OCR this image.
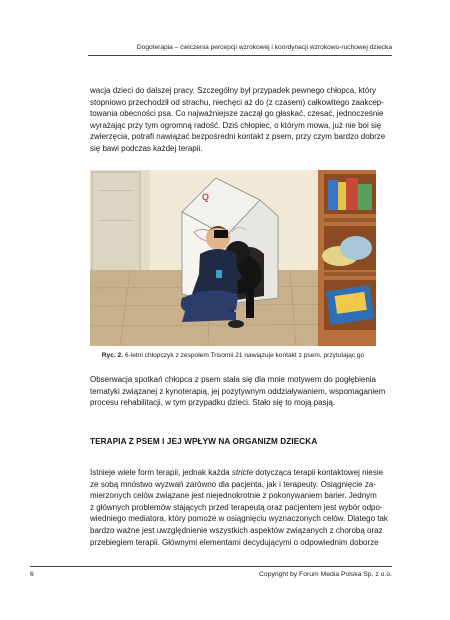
Dogoterapia – ćwiczenia percepcji wzrokowej i koordynacji wzrokowo-ruchowej dziecka

wacja dzieci do dalszej pracy. Szczególny był przypadek pewnego chłopca, który
stopniowo przechodził od strachu, niechęci aż do (z czasem) całkowitego zaakcep-
towania obecności psa. Co najważniejsze zaczął go głaskać, czesać, jednocześnie
wyrażając przy tym ogromną radość. Dziś chłopiec, o którym mowa, już nie boi się
zwierzęcia, potrafi nawiązać bezpośredni kontakt z psem, przy czym bardzo dobrze
się bawi podczas każdej terapii.

Q
Ryc. 2. 6-letni chłopczyk z zespołem Trisomii 21 nawiązuje kontakt z psem, przytulając go

Obserwacja spotkań chłopca z psem stała się dla mnie motywem do pogłębienia
tematyki związanej z kynoterapią, jej pozytywnym oddziaływaniem, wspomaganiem
procesu rehabilitacji, w tym przypadku dzieci. Stało się to moją pasją.

TERAPIA Z PSEM I JEJ WPŁYW NA ORGANIZM DZIECKA

Istnieje wiele form terapii, jednak każda stricte dotycząca terapii kontaktowej niesie
ze sobą mnóstwo wyzwań zarówno dla pacjenta, jak i terapeuty. Osiągnięcie za-
mierzonych celów związane jest niejednokrotnie z pokonywaniem barier. Jednym
z głównych problemów stających przed terapeutą oraz pacjentem jest wybór odpo-
wiedniego mediatora, który pomoże w osiągnięciu wyznaczonych celów. Dlatego tak
bardzo ważne jest uwzględnienie wszystkich aspektów związanych z chorobą oraz
przebiegiem terapii. Głównymi elementami decydującymi o odpowiednim doborze

6	Copyright by Forum Media Polska Sp. z o.o.
